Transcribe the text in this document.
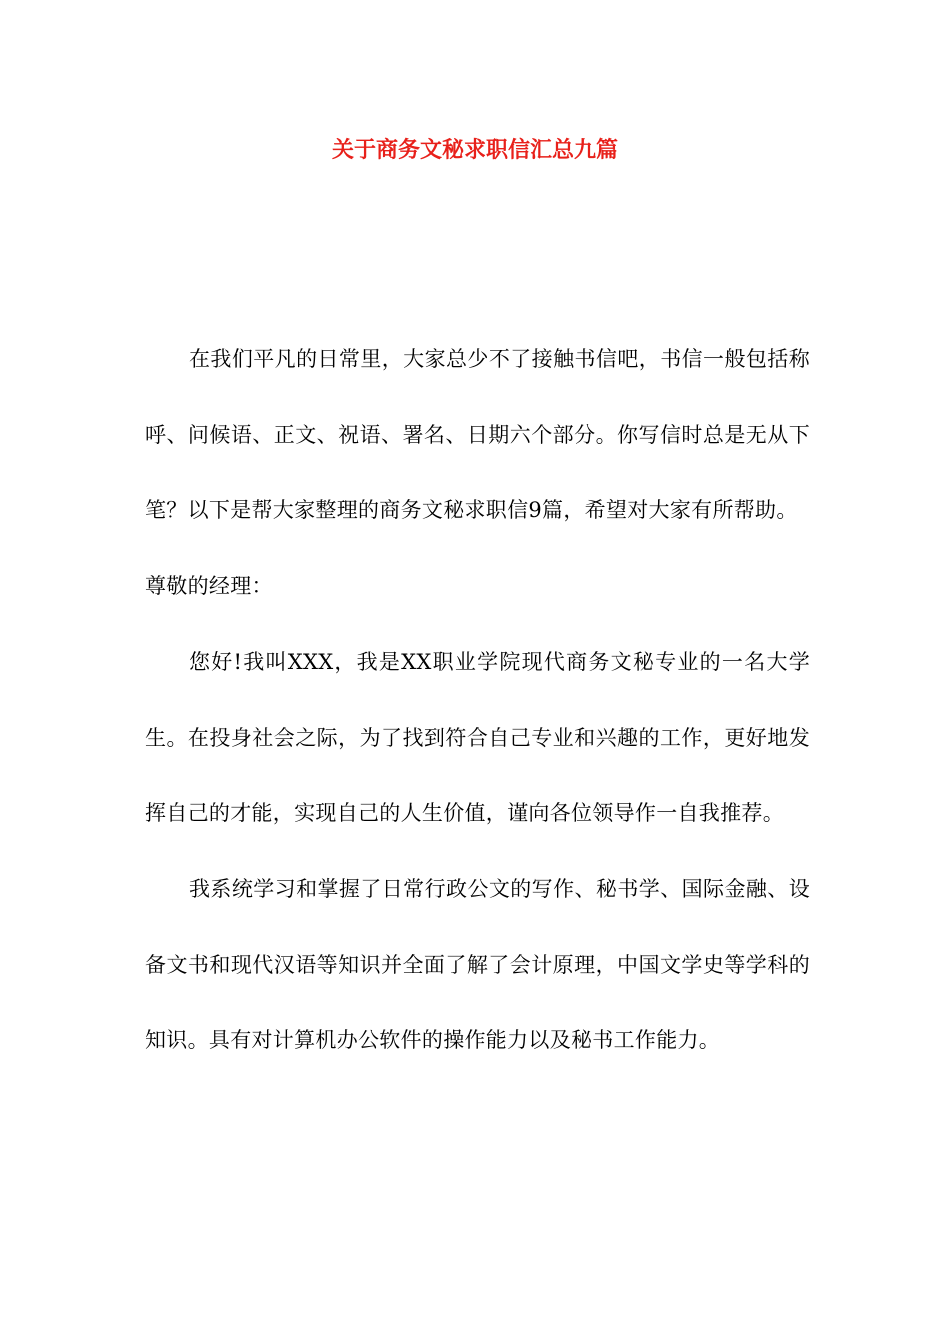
关于商务文秘求职信汇总九篇

在我们平凡的日常里，大家总少不了接触书信吧，书信一般包括称呼、问候语、正文、祝语、署名、日期六个部分。你写信时总是无从下笔？以下是帮大家整理的商务文秘求职信9篇，希望对大家有所帮助。

尊敬的经理：

您好!我叫XXX，我是XX职业学院现代商务文秘专业的一名大学生。在投身社会之际，为了找到符合自己专业和兴趣的工作，更好地发挥自己的才能，实现自己的人生价值，谨向各位领导作一自我推荐。

我系统学习和掌握了日常行政公文的写作、秘书学、国际金融、设备文书和现代汉语等知识并全面了解了会计原理，中国文学史等学科的知识。具有对计算机办公软件的操作能力以及秘书工作能力。
